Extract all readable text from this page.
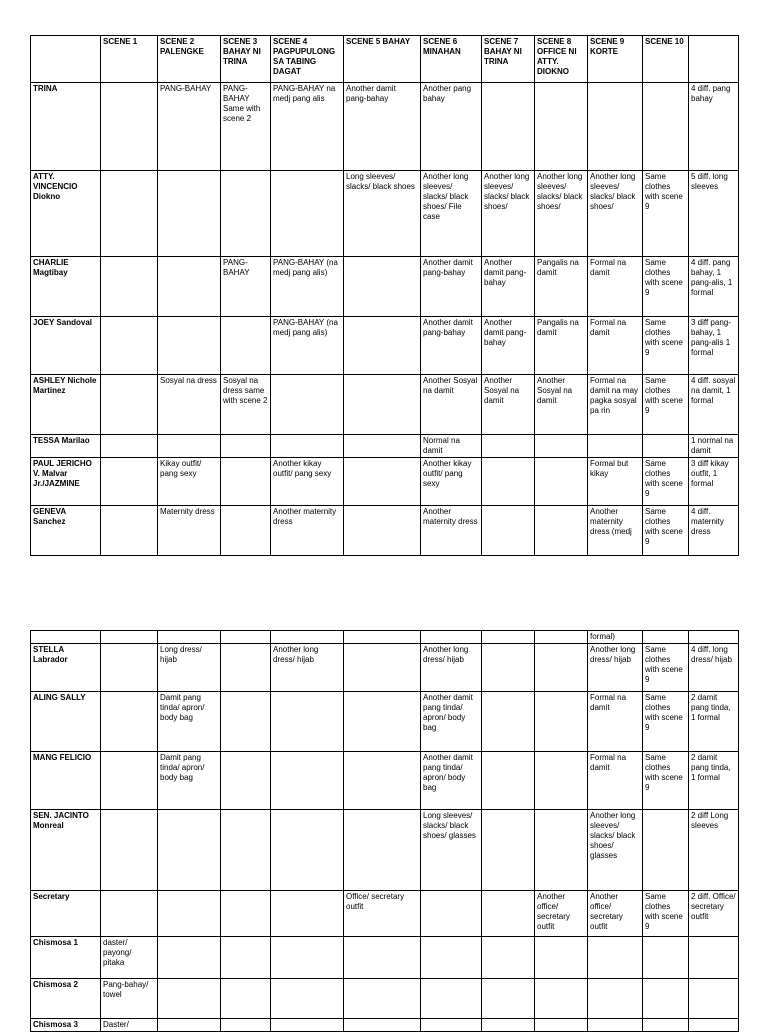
	SCENE 1	SCENE 2 PALENGKE	SCENE 3 BAHAY NI TRINA	SCENE 4 PAGPUPULONG SA TABING DAGAT	SCENE 5 BAHAY	SCENE 6 MINAHAN	SCENE 7 BAHAY NI TRINA	SCENE 8 OFFICE NI ATTY. DIOKNO	SCENE 9 KORTE	SCENE 10	
TRINA		PANG-BAHAY	PANG-BAHAY Same with scene 2	PANG-BAHAY na medj pang alis	Another damit pang-bahay	Another pang bahay					4 diff. pang bahay
ATTY. VINCENCIO Diokno					Long sleeves/ slacks/ black shoes	Another long sleeves/ slacks/ black shoes/ File case	Another long sleeves/ slacks/ black shoes/	Another long sleeves/ slacks/ black shoes/	Another long sleeves/ slacks/ black shoes/	Same clothes with scene 9	5 diff. long sleeves
CHARLIE Magtibay			PANG-BAHAY	PANG-BAHAY (na medj pang alis)		Another damit pang-bahay	Another damit pang-bahay	Pangalis na damit	Formal na damit	Same clothes with scene 9	4 diff. pang bahay, 1 pang-alis, 1 formal
JOEY Sandoval				PANG-BAHAY (na medj pang alis)		Another damit pang-bahay	Another damit pang-bahay	Pangalis na damit	Formal na damit	Same clothes with scene 9	3 diff pang-bahay, 1 pang-alis 1 formal
ASHLEY Nichole Martinez		Sosyal na dress	Sosyal na dress same with scene 2			Another Sosyal na damit	Another Sosyal na damit	Another Sosyal na damit	Formal na damit na may pagka sosyal pa rin	Same clothes with scene 9	4 diff. sosyal na damit, 1 formal
TESSA Marilao						Normal na damit					1 normal na damit
PAUL JERICHO V. Malvar Jr./JAZMINE		Kikay outfit/ pang sexy		Another kikay outfit/ pang sexy		Another kikay outfit/ pang sexy			Formal but kikay	Same clothes with scene 9	3 diff kikay outfit, 1 formal
GENEVA Sanchez		Maternity dress		Another maternity dress		Another maternity dress			Another maternity dress (medj	Same clothes with scene 9	4 diff. maternity dress
									formal)		
STELLA Labrador		Long dress/ hijab		Another long dress/ hijab		Another long dress/ hijab			Another long dress/ hijab	Same clothes with scene 9	4 diff. long dress/ hijab
ALING SALLY		Damit pang tinda/ apron/ body bag				Another damit pang tinda/ apron/ body bag			Formal na damit	Same clothes with scene 9	2 damit pang tinda, 1 formal
MANG FELICIO		Damit pang tinda/ apron/ body bag				Another damit pang tinda/ apron/ body bag			Formal na damit	Same clothes with scene 9	2 damit pang tinda, 1 formal
SEN. JACINTO Monreal						Long sleeves/ slacks/ black shoes/ glasses			Another long sleeves/ slacks/ black shoes/ glasses		2 diff Long sleeves
Secretary					Office/ secretary outfit			Another office/ secretary outfit	Another office/ secretary outfit	Same clothes with scene 9	2 diff. Office/ secretary outfit
Chismosa 1	daster/ payong/ pitaka										
Chismosa 2	Pang-bahay/ towel										
Chismosa 3	Daster/										
